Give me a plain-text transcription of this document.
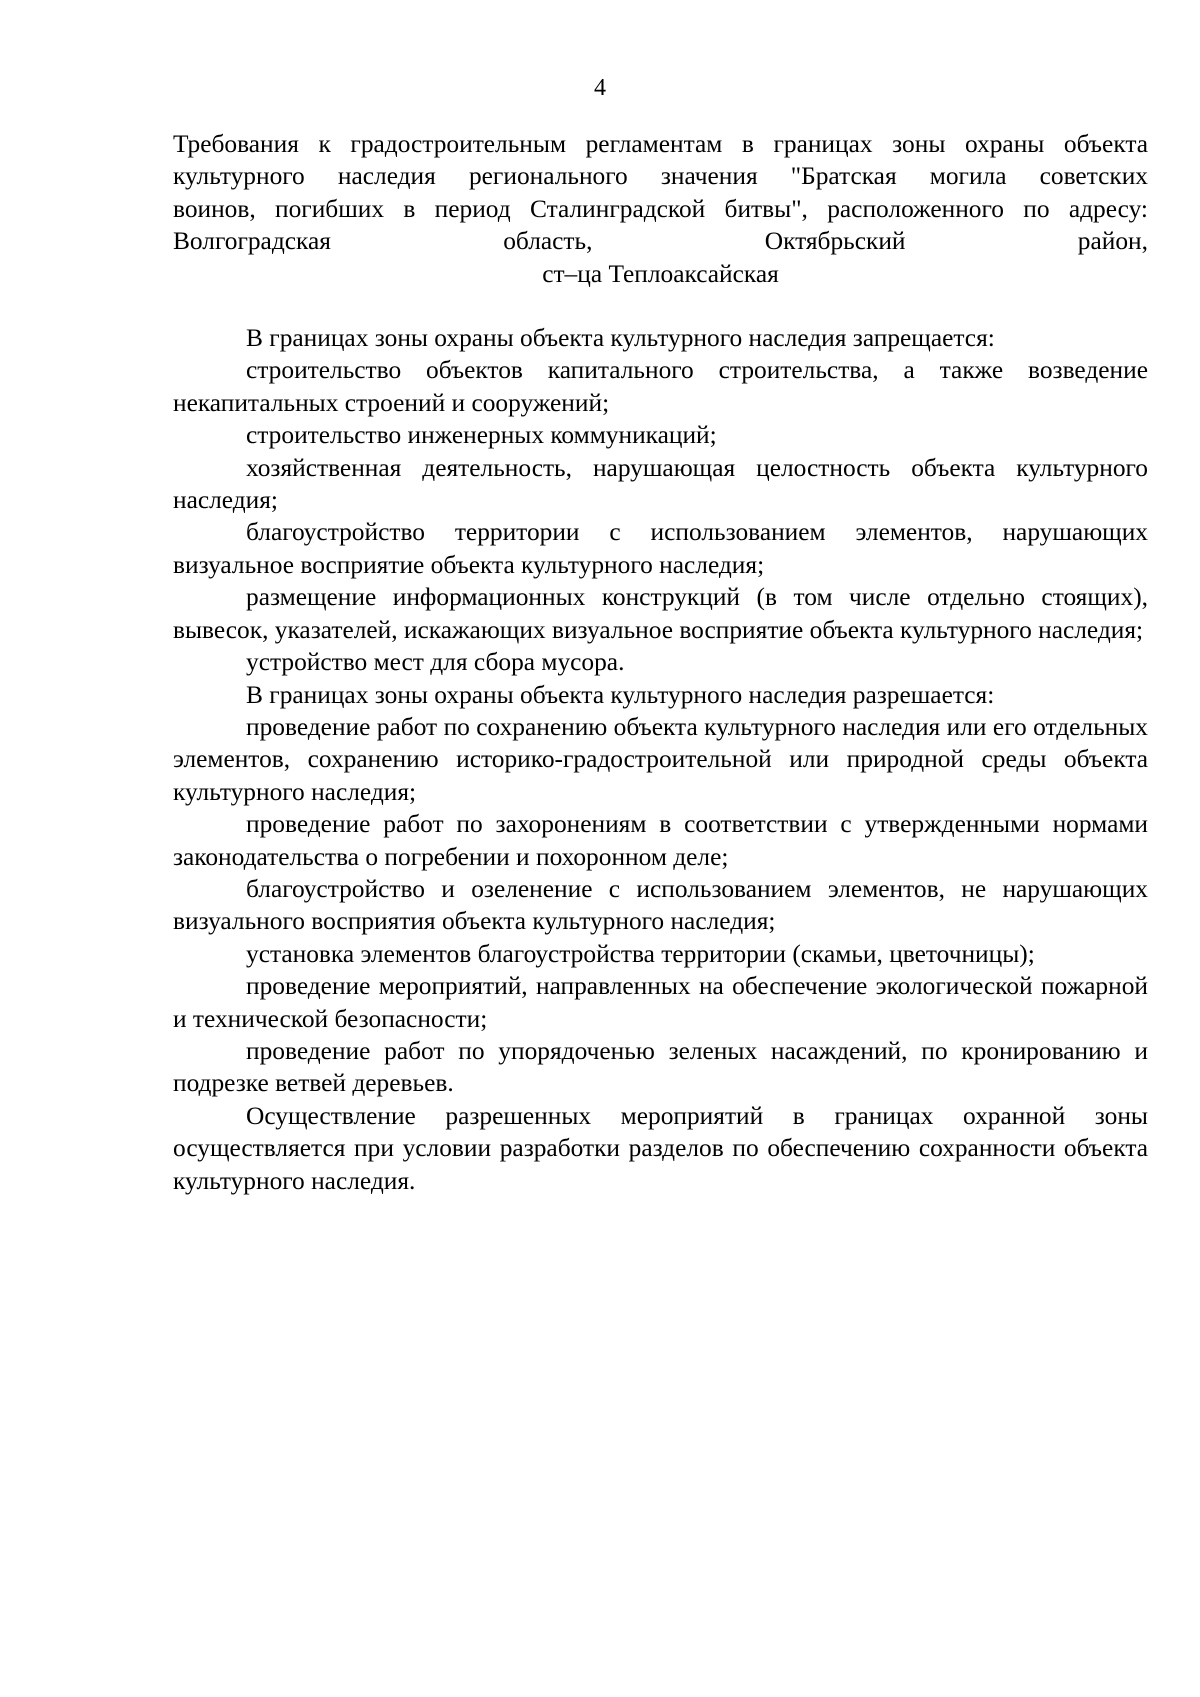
4

Требования к градостроительным регламентам в границах зоны охраны объекта

культурного наследия регионального значения "Братская могила советских

воинов, погибших в период Сталинградской битвы", расположенного по адресу:

Волгоградская область, Октябрьский район,

ст–ца Теплоаксайская

В границах зоны охраны объекта культурного наследия запрещается:

строительство объектов капитального строительства, а также возведение некапитальных строений и сооружений;

строительство инженерных коммуникаций;

хозяйственная деятельность, нарушающая целостность объекта культурного наследия;

благоустройство территории с использованием элементов, нарушающих визуальное восприятие объекта культурного наследия;

размещение информационных конструкций (в том числе отдельно стоящих), вывесок, указателей, искажающих визуальное восприятие объекта культурного наследия;

устройство мест для сбора мусора.

В границах зоны охраны объекта культурного наследия разрешается:

проведение работ по сохранению объекта культурного наследия или его отдельных элементов, сохранению историко-градостроительной или природной среды объекта культурного наследия;

проведение работ по захоронениям в соответствии с утвержденными нормами законодательства о погребении и похоронном деле;

благоустройство и озеленение с использованием элементов, не нарушающих визуального восприятия объекта культурного наследия;

установка элементов благоустройства территории (скамьи, цветочницы);

проведение мероприятий, направленных на обеспечение экологической пожарной и технической безопасности;

проведение работ по упорядоченью зеленых насаждений, по кронированию и подрезке ветвей деревьев.

Осуществление разрешенных мероприятий в границах охранной зоны осуществляется при условии разработки разделов по обеспечению сохранности объекта культурного наследия.
